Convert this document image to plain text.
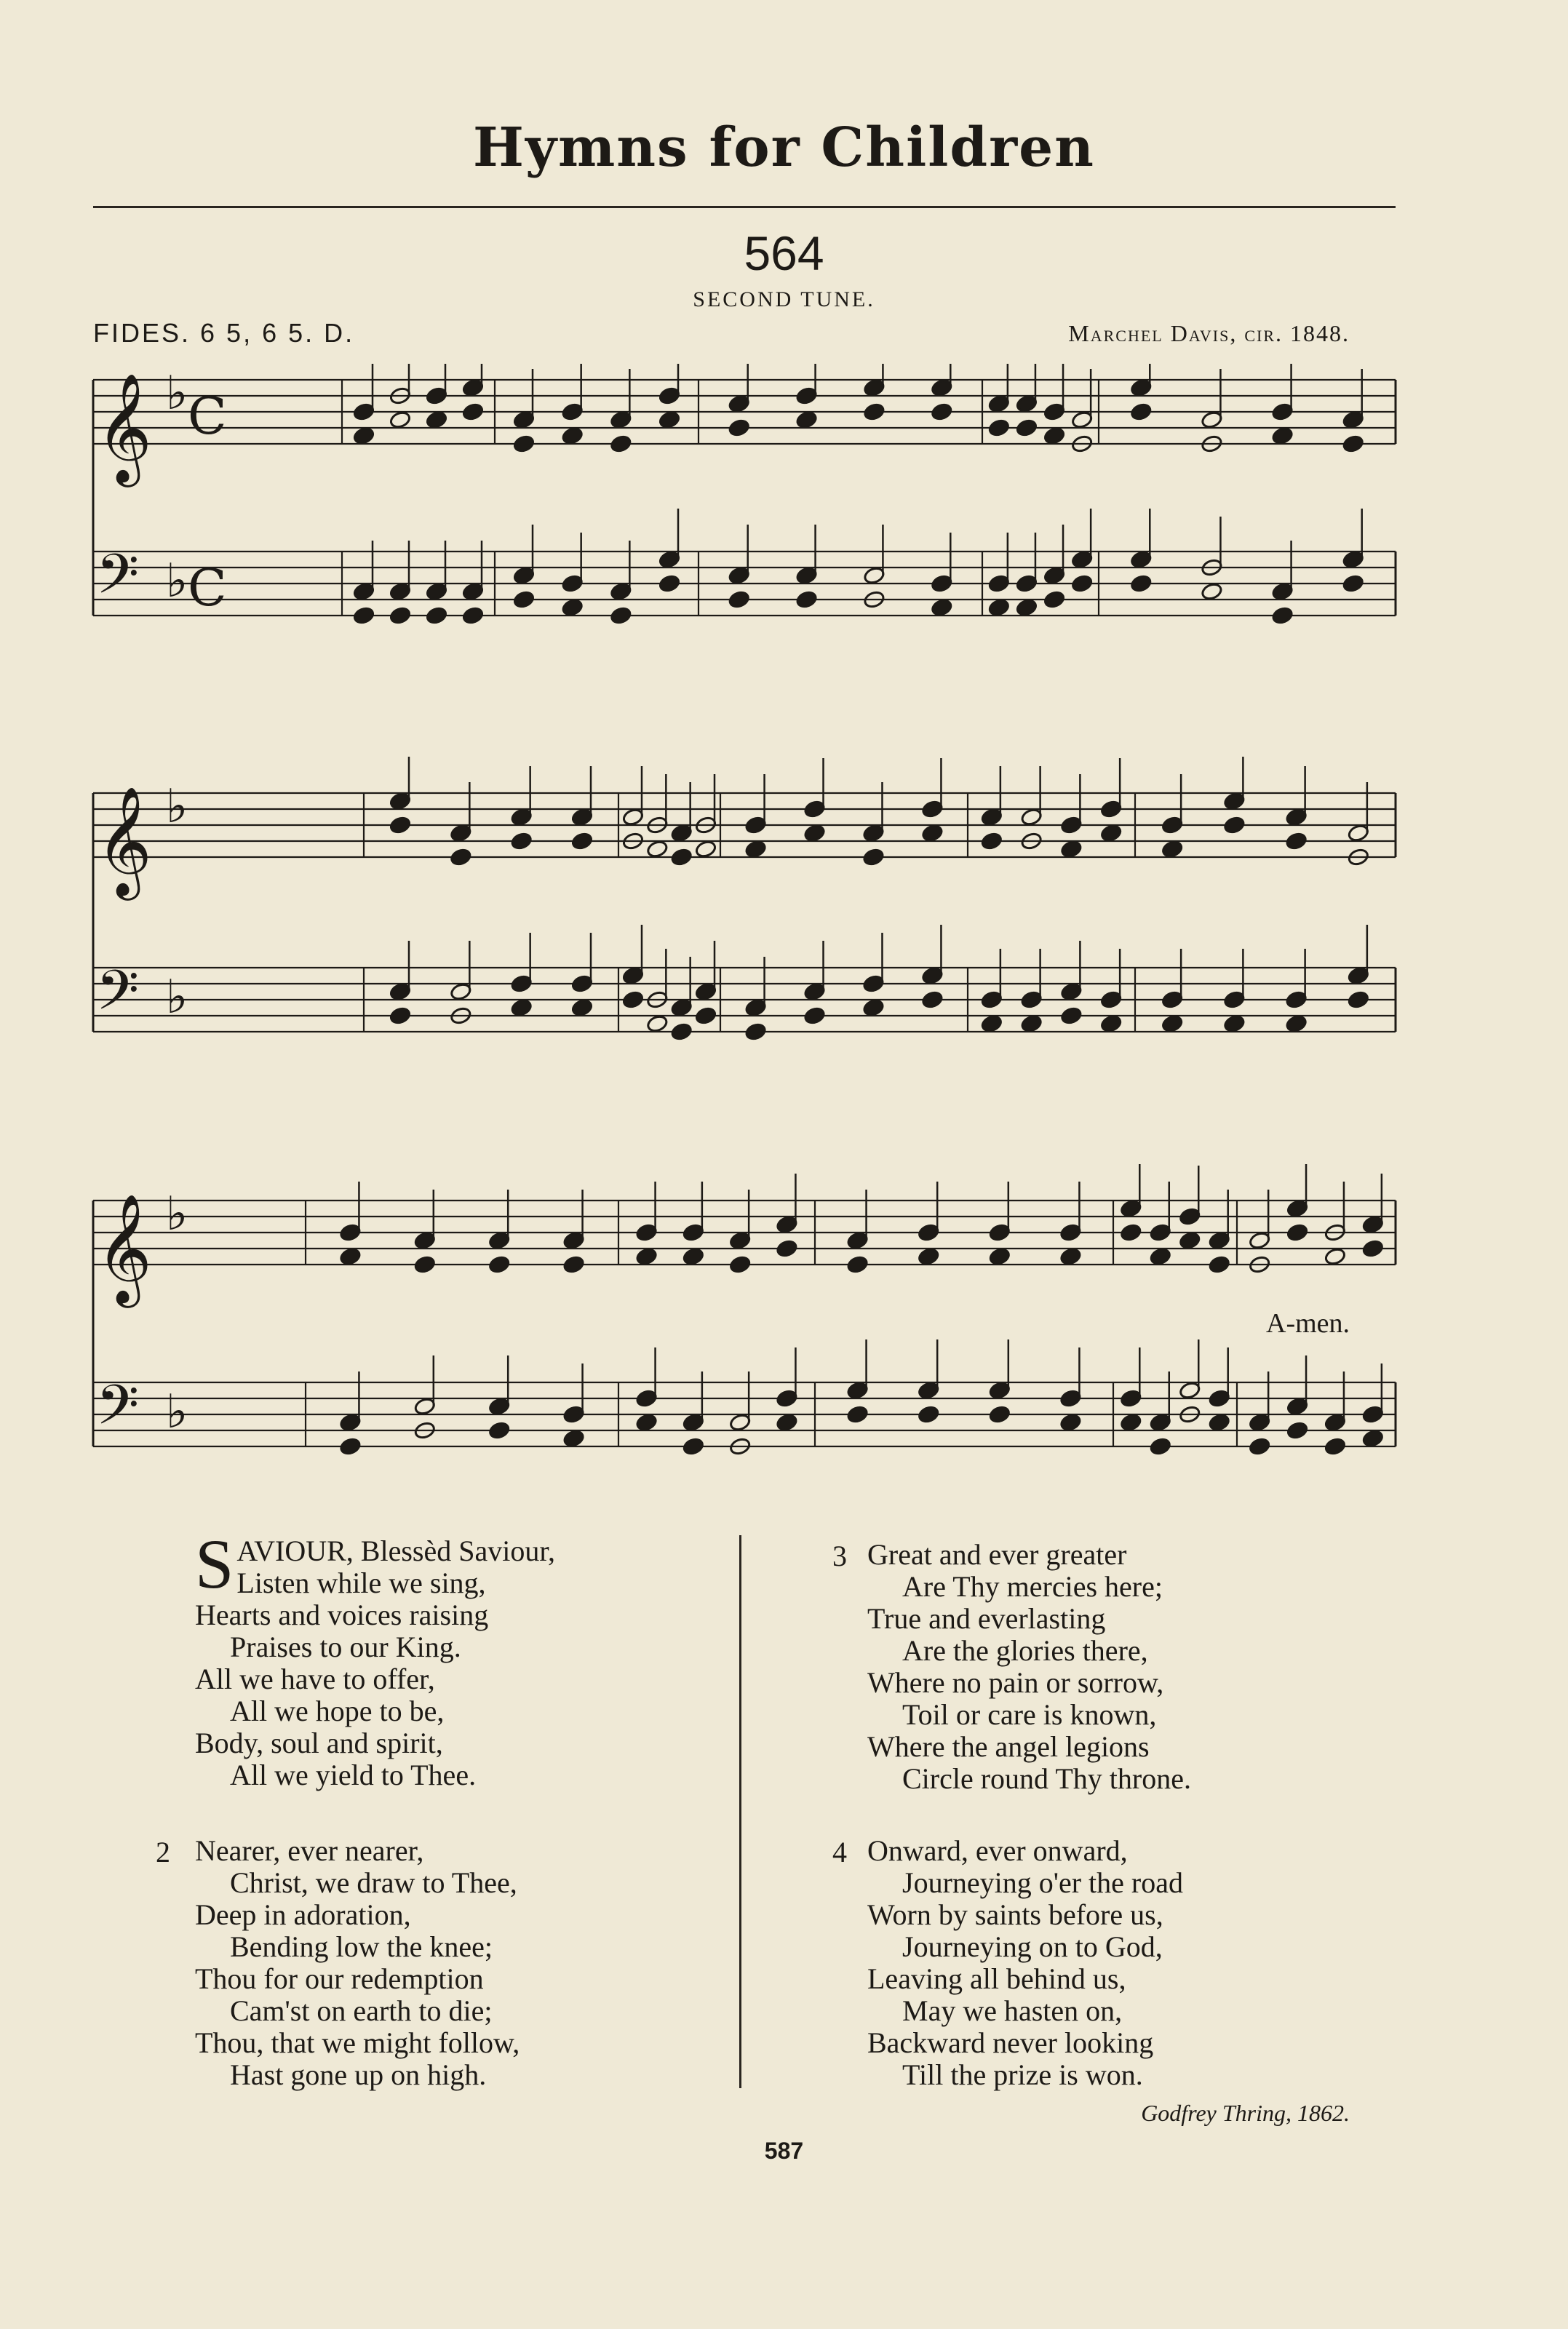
Hymns for Children
564
SECOND TUNE.
FIDES. 6 5, 6 5. D.	Marchel Davis, cir. 1848.
𝄞 ♭ C
𝄢 ♭ C
𝄞 ♭
𝄢 ♭
𝄞 ♭
𝄢 ♭
A-men.
S AVIOUR, Blessèd Saviour,
Listen while we sing,
Hearts and voices raising
Praises to our King.
All we have to offer,
All we hope to be,
Body, soul and spirit,
All we yield to Thee.
2 Nearer, ever nearer,
Christ, we draw to Thee,
Deep in adoration,
Bending low the knee;
Thou for our redemption
Cam'st on earth to die;
Thou, that we might follow,
Hast gone up on high.
3 Great and ever greater
Are Thy mercies here;
True and everlasting
Are the glories there,
Where no pain or sorrow,
Toil or care is known,
Where the angel legions
Circle round Thy throne.
4 Onward, ever onward,
Journeying o'er the road
Worn by saints before us,
Journeying on to God,
Leaving all behind us,
May we hasten on,
Backward never looking
Till the prize is won.
Godfrey Thring, 1862.
587
